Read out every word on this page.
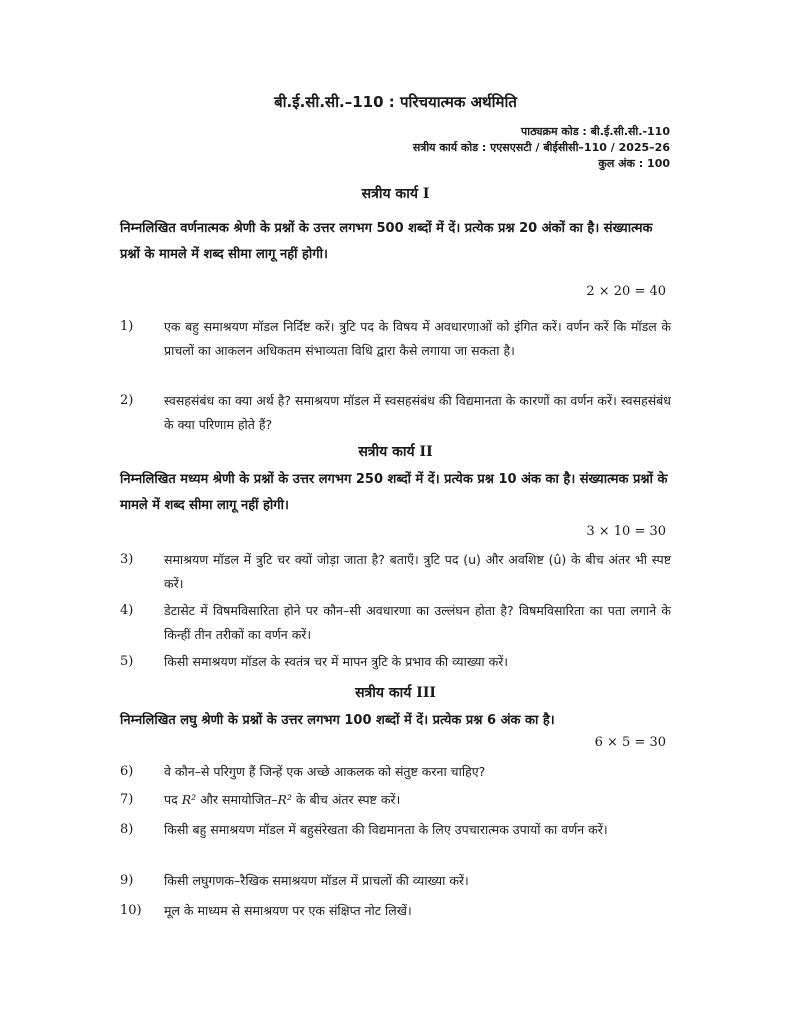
बी.ई.सी.सी.–110 : परिचयात्मक अर्थमिति
पाठ्यक्रम कोड : बी.ई.सी.सी.-110
सत्रीय कार्य कोड : एएसएसटी / बीईसीसी–110 / 2025–26
कुल अंक : 100
सत्रीय कार्य I
निम्नलिखित वर्णनात्मक श्रेणी के प्रश्नों के उत्तर लगभग 500 शब्दों में दें। प्रत्येक प्रश्न 20 अंकों का है। संख्यात्मक प्रश्नों के मामले में शब्द सीमा लागू नहीं होगी।
2 × 20 = 40
1) एक बहु समाश्रयण मॉडल निर्दिष्ट करें। त्रुटि पद के विषय में अवधारणाओं को इंगित करें। वर्णन करें कि मॉडल के प्राचलों का आकलन अधिकतम संभाव्यता विधि द्वारा कैसे लगाया जा सकता है।
2) स्वसहसंबंध का क्या अर्थ है? समाश्रयण मॉडल में स्वसहसंबंध की विद्यमानता के कारणों का वर्णन करें। स्वसहसंबंध के क्या परिणाम होते हैं?
सत्रीय कार्य II
निम्नलिखित मध्यम श्रेणी के प्रश्नों के उत्तर लगभग 250 शब्दों में दें। प्रत्येक प्रश्न 10 अंक का है। संख्यात्मक प्रश्नों के मामले में शब्द सीमा लागू नहीं होगी।
3 × 10 = 30
3) समाश्रयण मॉडल में त्रुटि चर क्यों जोड़ा जाता है? बताएँ। त्रुटि पद (u) और अवशिष्ट (û) के बीच अंतर भी स्पष्ट करें।
4) डेटासेट में विषमविसारिता होने पर कौन–सी अवधारणा का उल्लंघन होता है? विषमविसारिता का पता लगाने के किन्हीं तीन तरीकों का वर्णन करें।
5) किसी समाश्रयण मॉडल के स्वतंत्र चर में मापन त्रुटि के प्रभाव की व्याख्या करें।
सत्रीय कार्य III
निम्नलिखित लघु श्रेणी के प्रश्नों के उत्तर लगभग 100 शब्दों में दें। प्रत्येक प्रश्न 6 अंक का है।
6 × 5 = 30
6) वे कौन–से परिगुण हैं जिन्हें एक अच्छे आकलक को संतुष्ट करना चाहिए?
7) पद R² और समायोजित–R² के बीच अंतर स्पष्ट करें।
8) किसी बहु समाश्रयण मॉडल में बहुसंरेखता की विद्यमानता के लिए उपचारात्मक उपायों का वर्णन करें।
9) किसी लघुगणक–रैखिक समाश्रयण मॉडल में प्राचलों की व्याख्या करें।
10) मूल के माध्यम से समाश्रयण पर एक संक्षिप्त नोट लिखें।
